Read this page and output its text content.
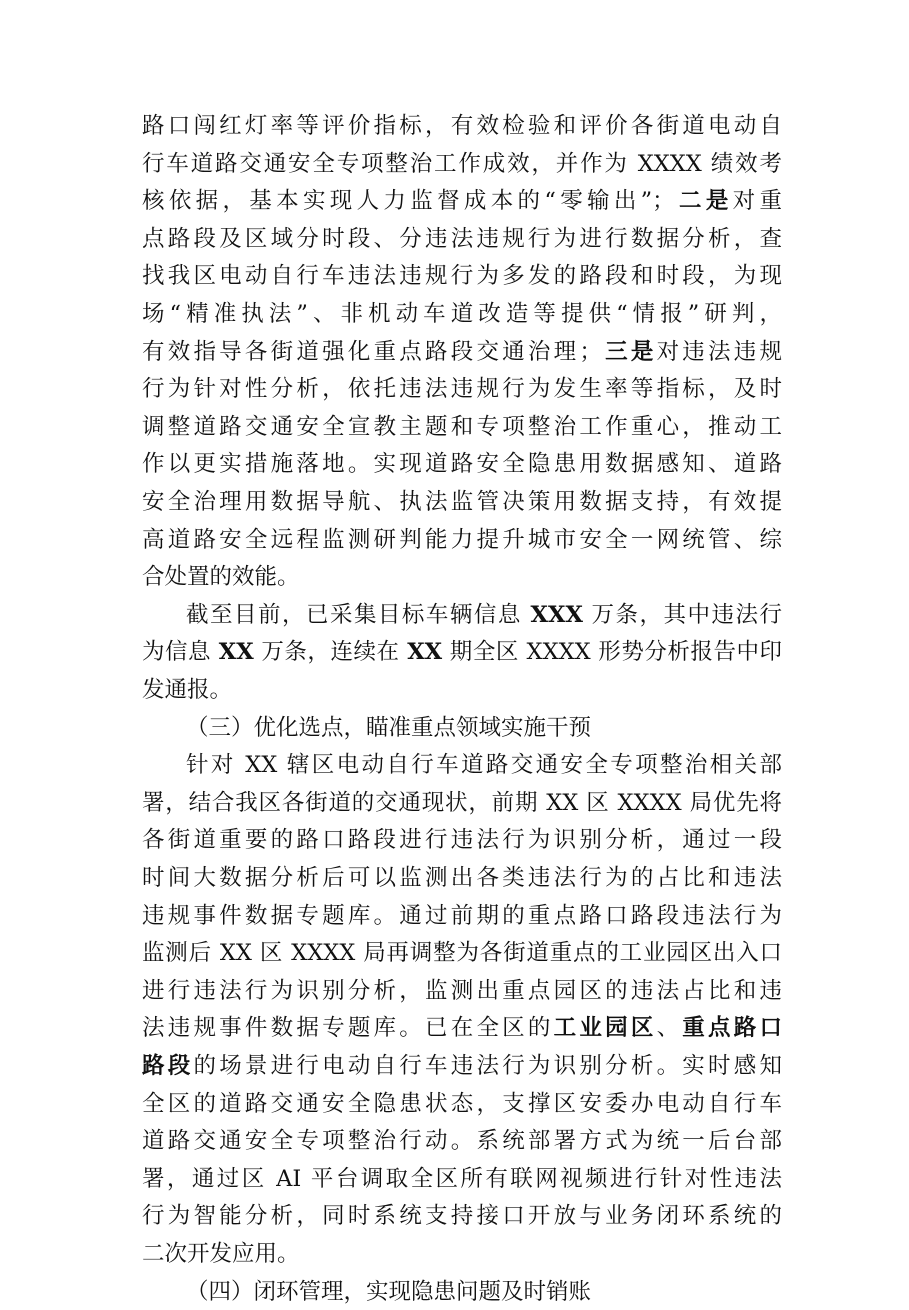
路口闯红灯率等评价指标，有效检验和评价各街道电动自
行车道路交通安全专项整治工作成效，并作为 XXXX 绩效考
核依据，基本实现人力监督成本的“零输出”；二是对重
点路段及区域分时段、分违法违规行为进行数据分析，查
找我区电动自行车违法违规行为多发的路段和时段，为现
场“精准执法”、非机动车道改造等提供“情报”研判，
有效指导各街道强化重点路段交通治理；三是对违法违规
行为针对性分析，依托违法违规行为发生率等指标，及时
调整道路交通安全宣教主题和专项整治工作重心，推动工
作以更实措施落地。实现道路安全隐患用数据感知、道路
安全治理用数据导航、执法监管决策用数据支持，有效提
高道路安全远程监测研判能力提升城市安全一网统管、综
合处置的效能。
截至目前，已采集目标车辆信息 XXX 万条，其中违法行
为信息 XX 万条，连续在 XX 期全区 XXXX 形势分析报告中印
发通报。
（三）优化选点，瞄准重点领域实施干预
针对 XX 辖区电动自行车道路交通安全专项整治相关部
署，结合我区各街道的交通现状，前期 XX 区 XXXX 局优先将
各街道重要的路口路段进行违法行为识别分析，通过一段
时间大数据分析后可以监测出各类违法行为的占比和违法
违规事件数据专题库。通过前期的重点路口路段违法行为
监测后 XX 区 XXXX 局再调整为各街道重点的工业园区出入口
进行违法行为识别分析，监测出重点园区的违法占比和违
法违规事件数据专题库。已在全区的工业园区、重点路口
路段的场景进行电动自行车违法行为识别分析。实时感知
全区的道路交通安全隐患状态，支撑区安委办电动自行车
道路交通安全专项整治行动。系统部署方式为统一后台部
署，通过区 AI 平台调取全区所有联网视频进行针对性违法
行为智能分析，同时系统支持接口开放与业务闭环系统的
二次开发应用。
（四）闭环管理，实现隐患问题及时销账
